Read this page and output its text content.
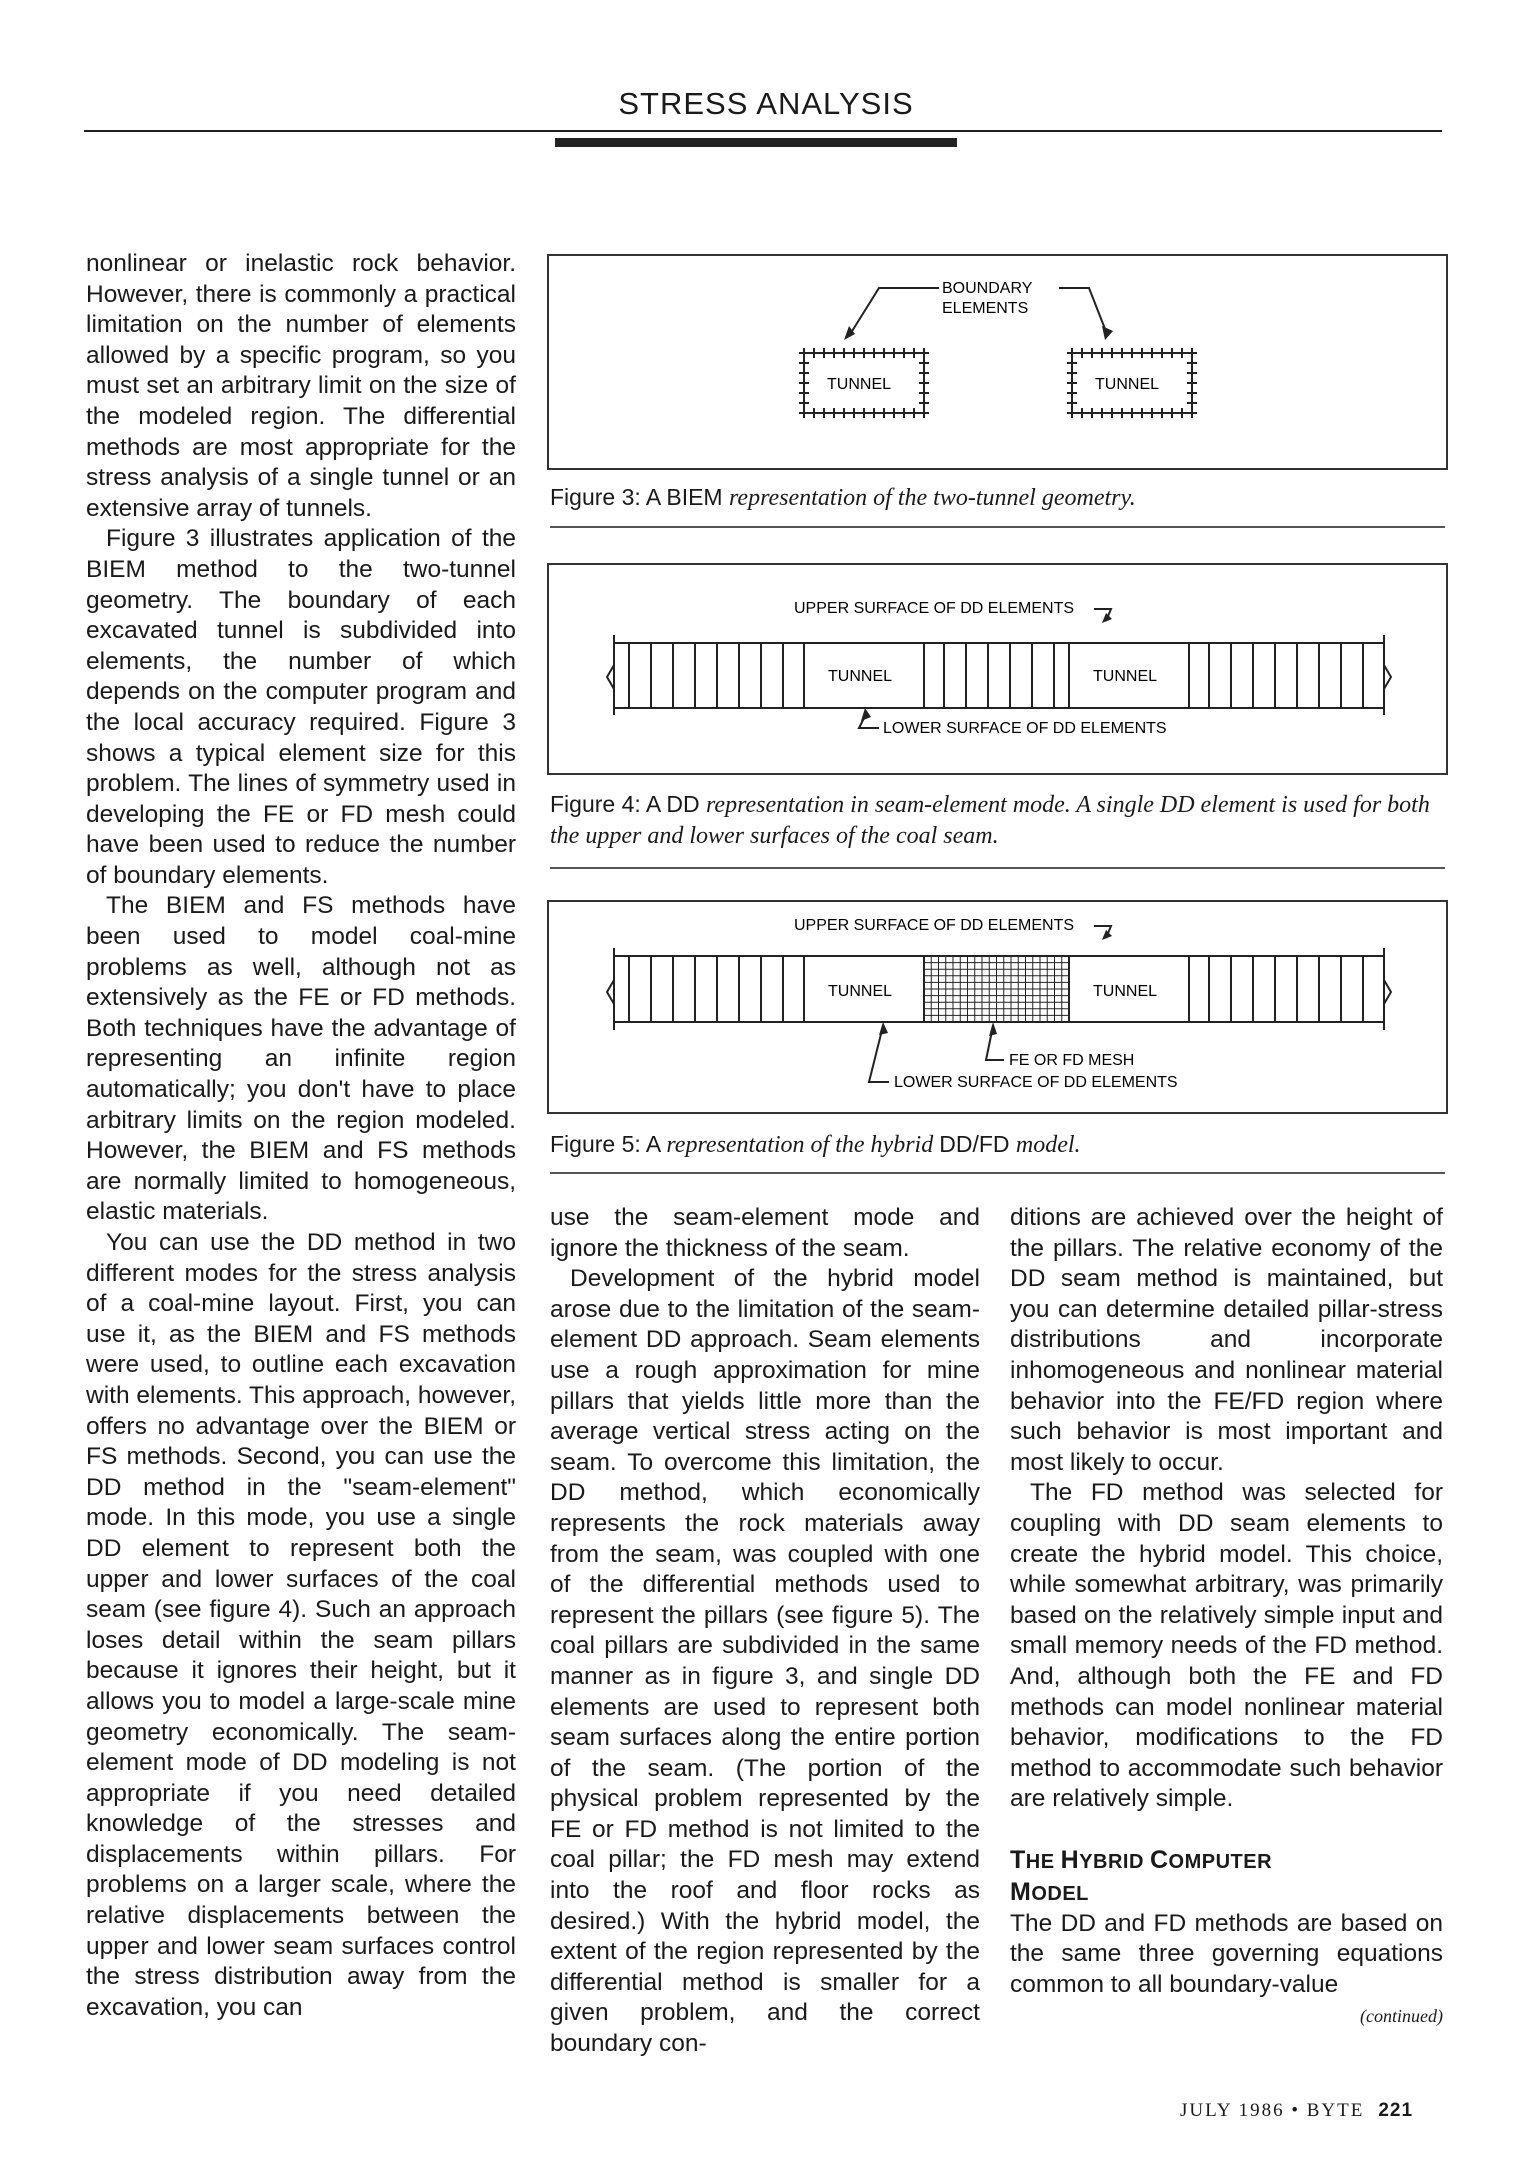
STRESS ANALYSIS

nonlinear or inelastic rock behavior. However, there is commonly a practical limitation on the number of elements allowed by a specific program, so you must set an arbitrary limit on the size of the modeled region. The differential methods are most appropriate for the stress analysis of a single tunnel or an extensive array of tunnels.

Figure 3 illustrates application of the BIEM method to the two-tunnel geometry. The boundary of each excavated tunnel is subdivided into elements, the number of which depends on the computer program and the local accuracy required. Figure 3 shows a typical element size for this problem. The lines of symmetry used in developing the FE or FD mesh could have been used to reduce the number of boundary elements.

The BIEM and FS methods have been used to model coal-mine problems as well, although not as extensively as the FE or FD methods. Both techniques have the advantage of representing an infinite region automatically; you don't have to place arbitrary limits on the region modeled. However, the BIEM and FS methods are normally limited to homogeneous, elastic materials.

You can use the DD method in two different modes for the stress analysis of a coal-mine layout. First, you can use it, as the BIEM and FS methods were used, to outline each excavation with elements. This approach, however, offers no advantage over the BIEM or FS methods. Second, you can use the DD method in the "seam-element" mode. In this mode, you use a single DD element to represent both the upper and lower surfaces of the coal seam (see figure 4). Such an approach loses detail within the seam pillars because it ignores their height, but it allows you to model a large-scale mine geometry economically. The seam-element mode of DD modeling is not appropriate if you need detailed knowledge of the stresses and displacements within pillars. For problems on a larger scale, where the relative displacements between the upper and lower seam surfaces control the stress distribution away from the excavation, you can

BOUNDARY
ELEMENTS
TUNNEL	TUNNEL
Figure 3: A BIEM representation of the two-tunnel geometry.
UPPER SURFACE OF DD ELEMENTS
LOWER SURFACE OF DD ELEMENTS
TUNNEL	TUNNEL
Figure 4: A DD representation in seam-element mode. A single DD element is used for both the upper and lower surfaces of the coal seam.
UPPER SURFACE OF DD ELEMENTS
FE OR FD MESH
LOWER SURFACE OF DD ELEMENTS
TUNNEL	TUNNEL
Figure 5: A representation of the hybrid DD/FD model.

use the seam-element mode and ignore the thickness of the seam.

Development of the hybrid model arose due to the limitation of the seam-element DD approach. Seam elements use a rough approximation for mine pillars that yields little more than the average vertical stress acting on the seam. To overcome this limitation, the DD method, which economically represents the rock materials away from the seam, was coupled with one of the differential methods used to represent the pillars (see figure 5). The coal pillars are subdivided in the same manner as in figure 3, and single DD elements are used to represent both seam surfaces along the entire portion of the seam. (The portion of the physical problem represented by the FE or FD method is not limited to the coal pillar; the FD mesh may extend into the roof and floor rocks as desired.) With the hybrid model, the extent of the region represented by the differential method is smaller for a given problem, and the correct boundary con-

ditions are achieved over the height of the pillars. The relative economy of the DD seam method is maintained, but you can determine detailed pillar-stress distributions and incorporate inhomogeneous and nonlinear material behavior into the FE/FD region where such behavior is most important and most likely to occur.

The FD method was selected for coupling with DD seam elements to create the hybrid model. This choice, while somewhat arbitrary, was primarily based on the relatively simple input and small memory needs of the FD method. And, although both the FE and FD methods can model nonlinear material behavior, modifications to the FD method to accommodate such behavior are relatively simple.

THE HYBRID COMPUTER
MODEL

The DD and FD methods are based on the same three governing equations common to all boundary-value

(continued)
JULY 1986 • BYTE 221
